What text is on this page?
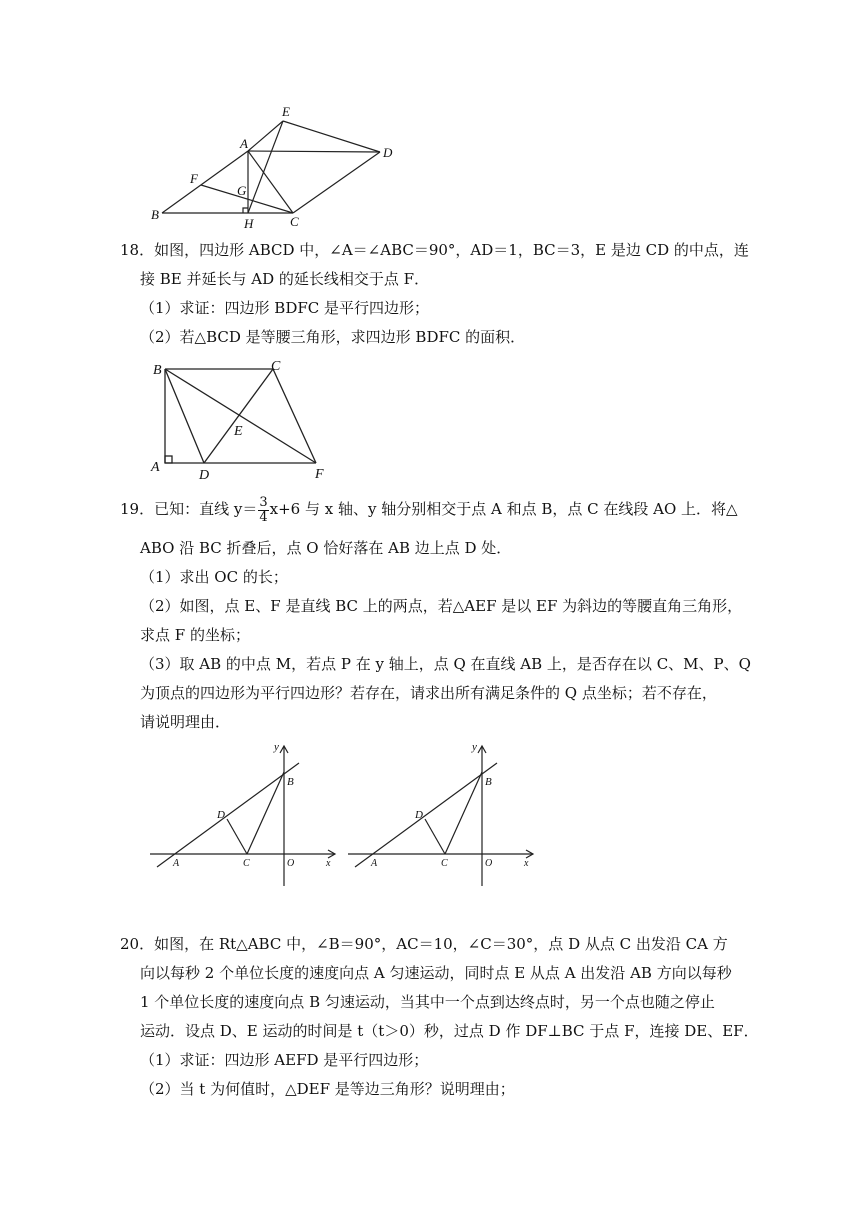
E
A
D
F
G
B
H	C
18．如图，四边形 ABCD 中，∠A＝∠ABC＝90°，AD＝1，BC＝3，E 是边 CD 的中点，连
接 BE 并延长与 AD 的延长线相交于点 F．
（1）求证：四边形 BDFC 是平行四边形；
（2）若△BCD 是等腰三角形，求四边形 BDFC 的面积．
B	C
E
A
D	F
19．已知：直线 $y= \frac{3}{4} x+6$ 与 x 轴、y 轴分别相交于点 A 和点 B，点 C 在线段 AO 上．将△
ABO 沿 BC 折叠后，点 O 恰好落在 AB 边上点 D 处．
（1）求出 OC 的长；
（2）如图，点 E、F 是直线 BC 上的两点，若△AEF 是以 EF 为斜边的等腰直角三角形，
求点 F 的坐标；
（3）取 AB 的中点 M，若点 P 在 y 轴上，点 Q 在直线 AB 上，是否存在以 C、M、P、Q
为顶点的四边形为平行四边形？若存在，请求出所有满足条件的 Q 点坐标；若不存在，
请说明理由．
y
B
D
A	C	O	x
y
B
D
A	C	O	x
20．如图，在 Rt△ABC 中，∠B＝90°，AC＝10，∠C＝30°，点 D 从点 C 出发沿 CA 方
向以每秒 2 个单位长度的速度向点 A 匀速运动，同时点 E 从点 A 出发沿 AB 方向以每秒
1 个单位长度的速度向点 B 匀速运动，当其中一个点到达终点时，另一个点也随之停止
运动．设点 D、E 运动的时间是 t（t＞0）秒，过点 D 作 DF⊥BC 于点 F，连接 DE、EF．
（1）求证：四边形 AEFD 是平行四边形；
（2）当 t 为何值时，△DEF 是等边三角形？说明理由；
